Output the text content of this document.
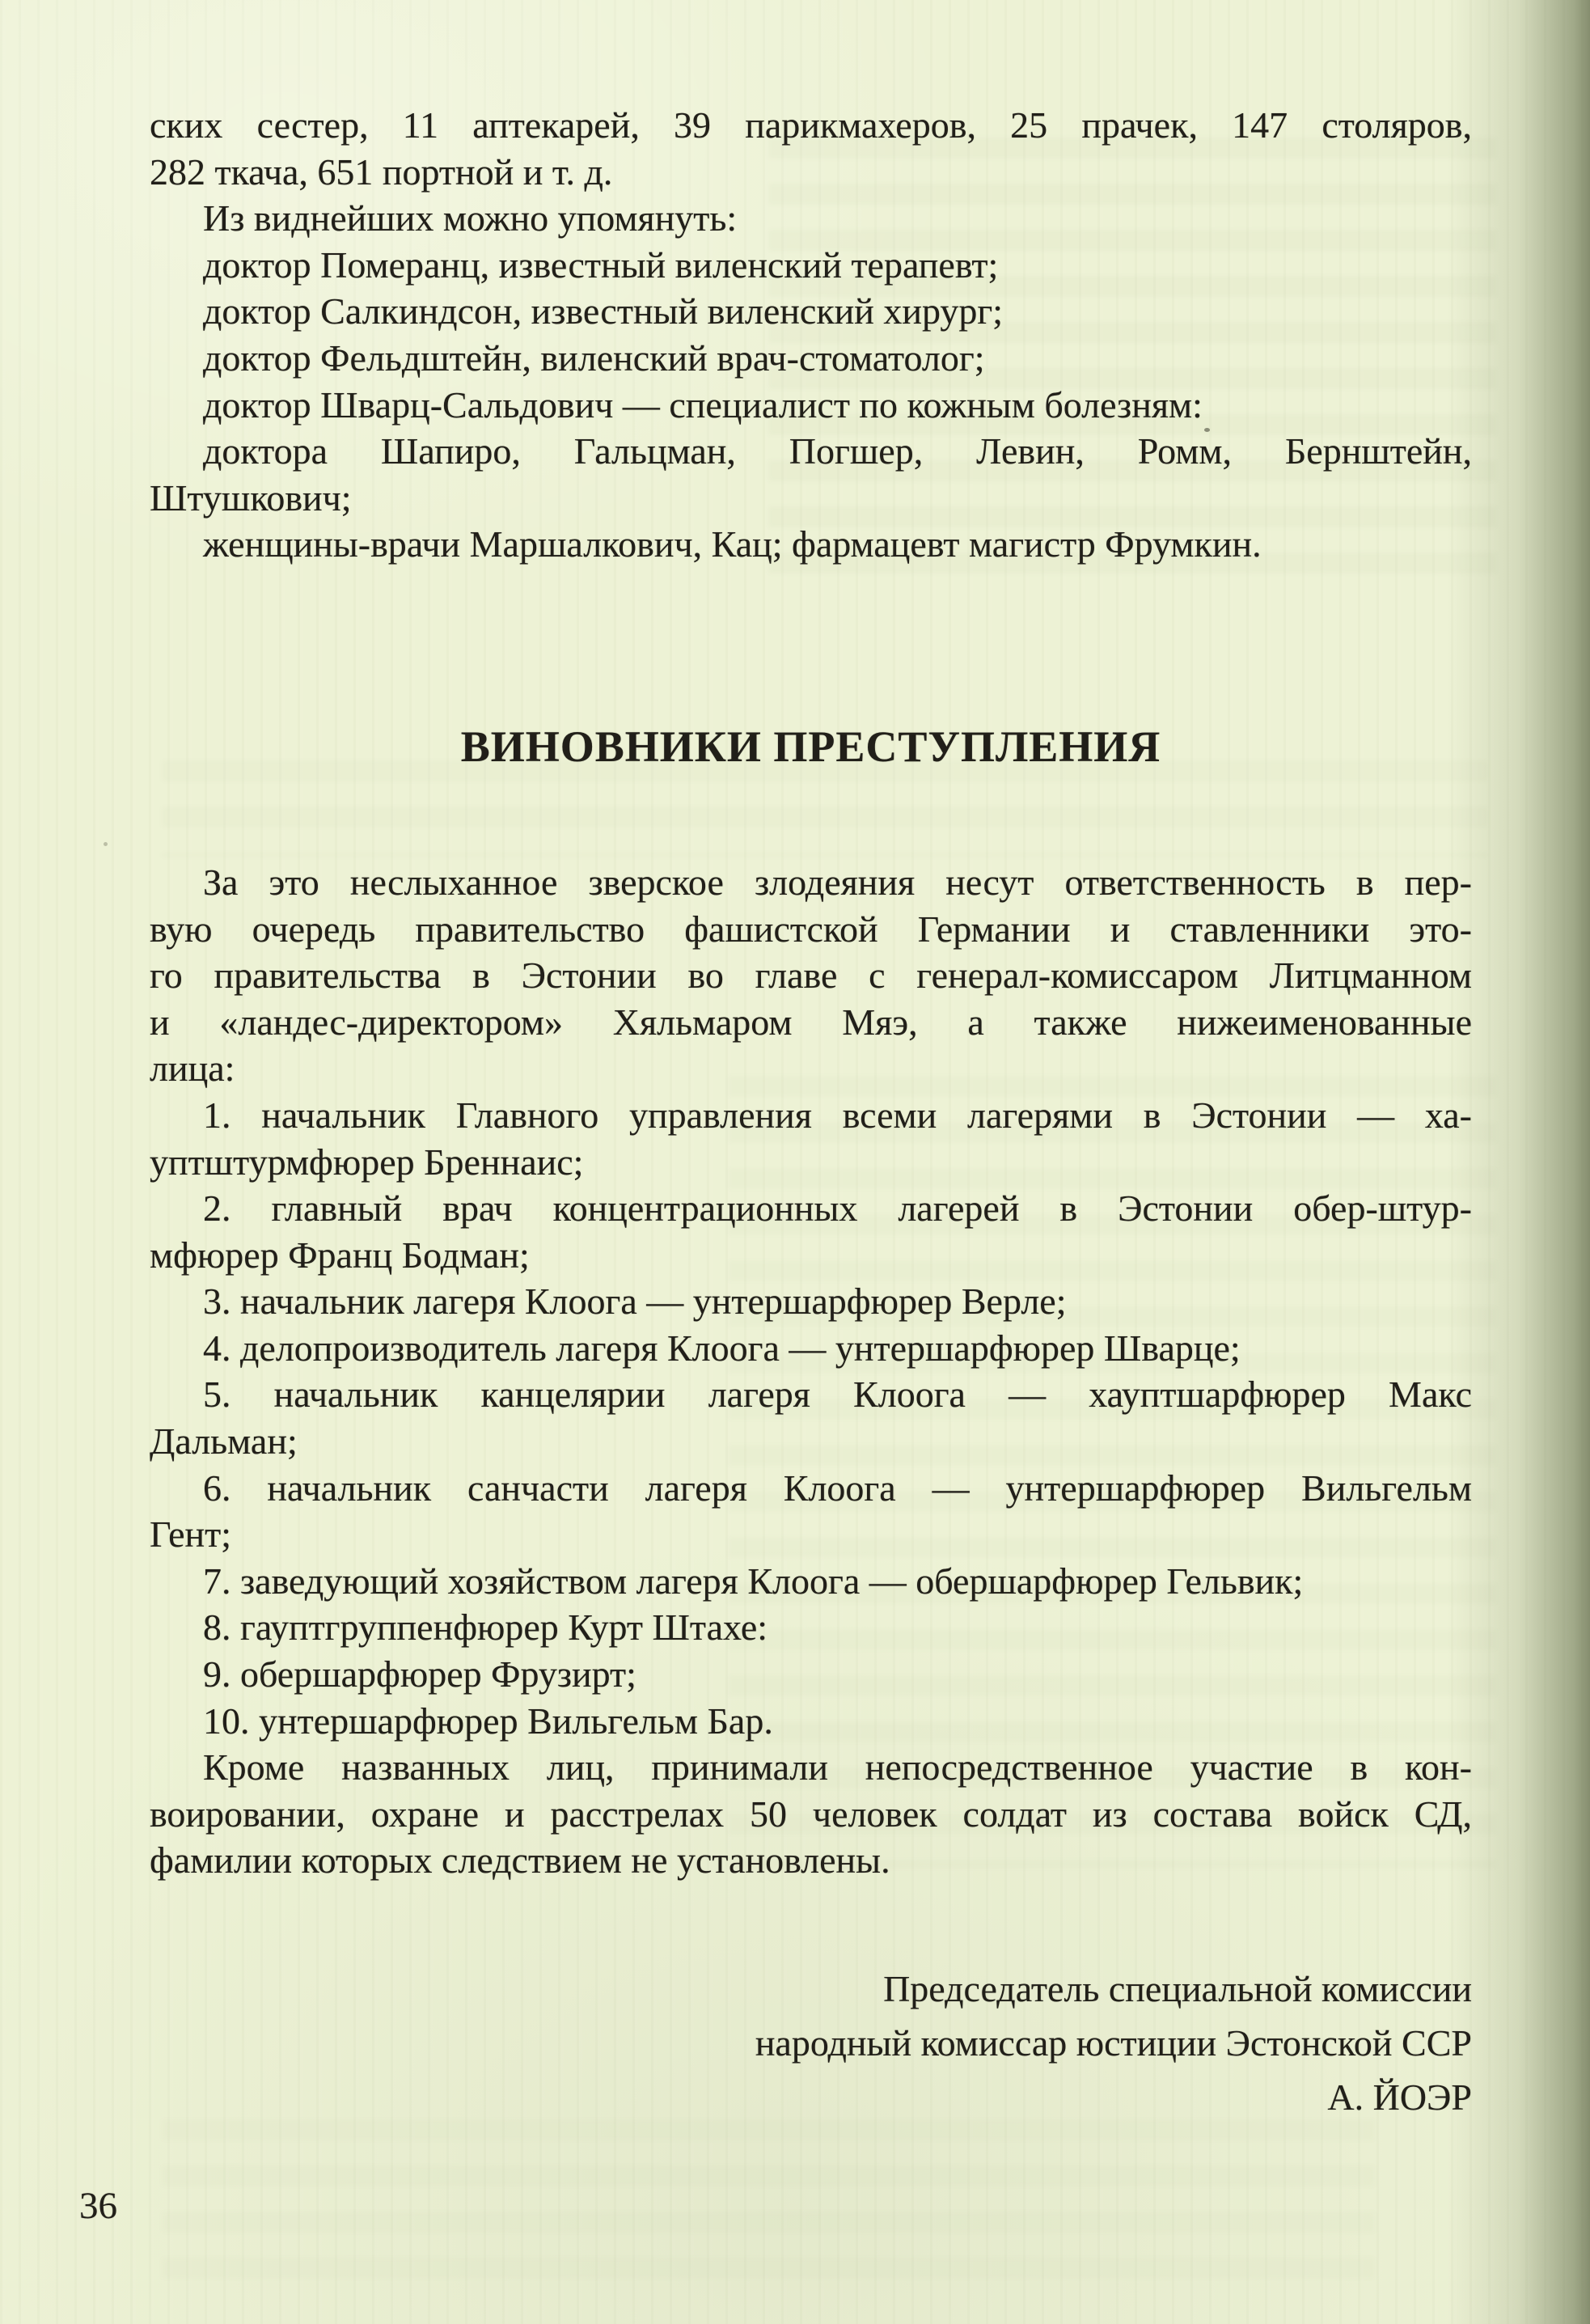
ских сестер, 11 аптекарей, 39 парикмахеров, 25 прачек, 147 столяров,
282 ткача, 651 портной и т. д.
Из виднейших можно упомянуть:
доктор Померанц, известный виленский терапевт;
доктор Салкиндсон, известный виленский хирург;
доктор Фельдштейн, виленский врач-стоматолог;
доктор Шварц-Сальдович — специалист по кожным болезням:
доктора Шапиро, Гальцман, Погшер, Левин, Ромм, Бернштейн,
Штушкович;
женщины-врачи Маршалкович, Кац; фармацевт магистр Фрумкин.
ВИНОВНИКИ ПРЕСТУПЛЕНИЯ
За это неслыханное зверское злодеяния несут ответственность в пер-
вую очередь правительство фашистской Германии и ставленники это-
го правительства в Эстонии во главе с генерал-комиссаром Литцманном
и «ландес-директором» Хяльмаром Мяэ, а также нижеименованные
лица:
1. начальник Главного управления всеми лагерями в Эстонии — ха-
уптштурмфюрер Бреннаис;
2. главный врач концентрационных лагерей в Эстонии обер-штур-
мфюрер Франц Бодман;
3. начальник лагеря Клоога — унтершарфюрер Верле;
4. делопроизводитель лагеря Клоога — унтершарфюрер Шварце;
5. начальник канцелярии лагеря Клоога — хауптшарфюрер Макс
Дальман;
6. начальник санчасти лагеря Клоога — унтершарфюрер Вильгельм
Гент;
7. заведующий хозяйством лагеря Клоога — обершарфюрер Гельвик;
8. гауптгруппенфюрер Курт Штахе:
9. обершарфюрер Фрузирт;
10. унтершарфюрер Вильгельм Бар.
Кроме названных лиц, принимали непосредственное участие в кон-
воировании, охране и расстрелах 50 человек солдат из состава войск СД,
фамилии которых следствием не установлены.
Председатель специальной комиссии
народный комиссар юстиции Эстонской ССР
А. ЙОЭР
36
